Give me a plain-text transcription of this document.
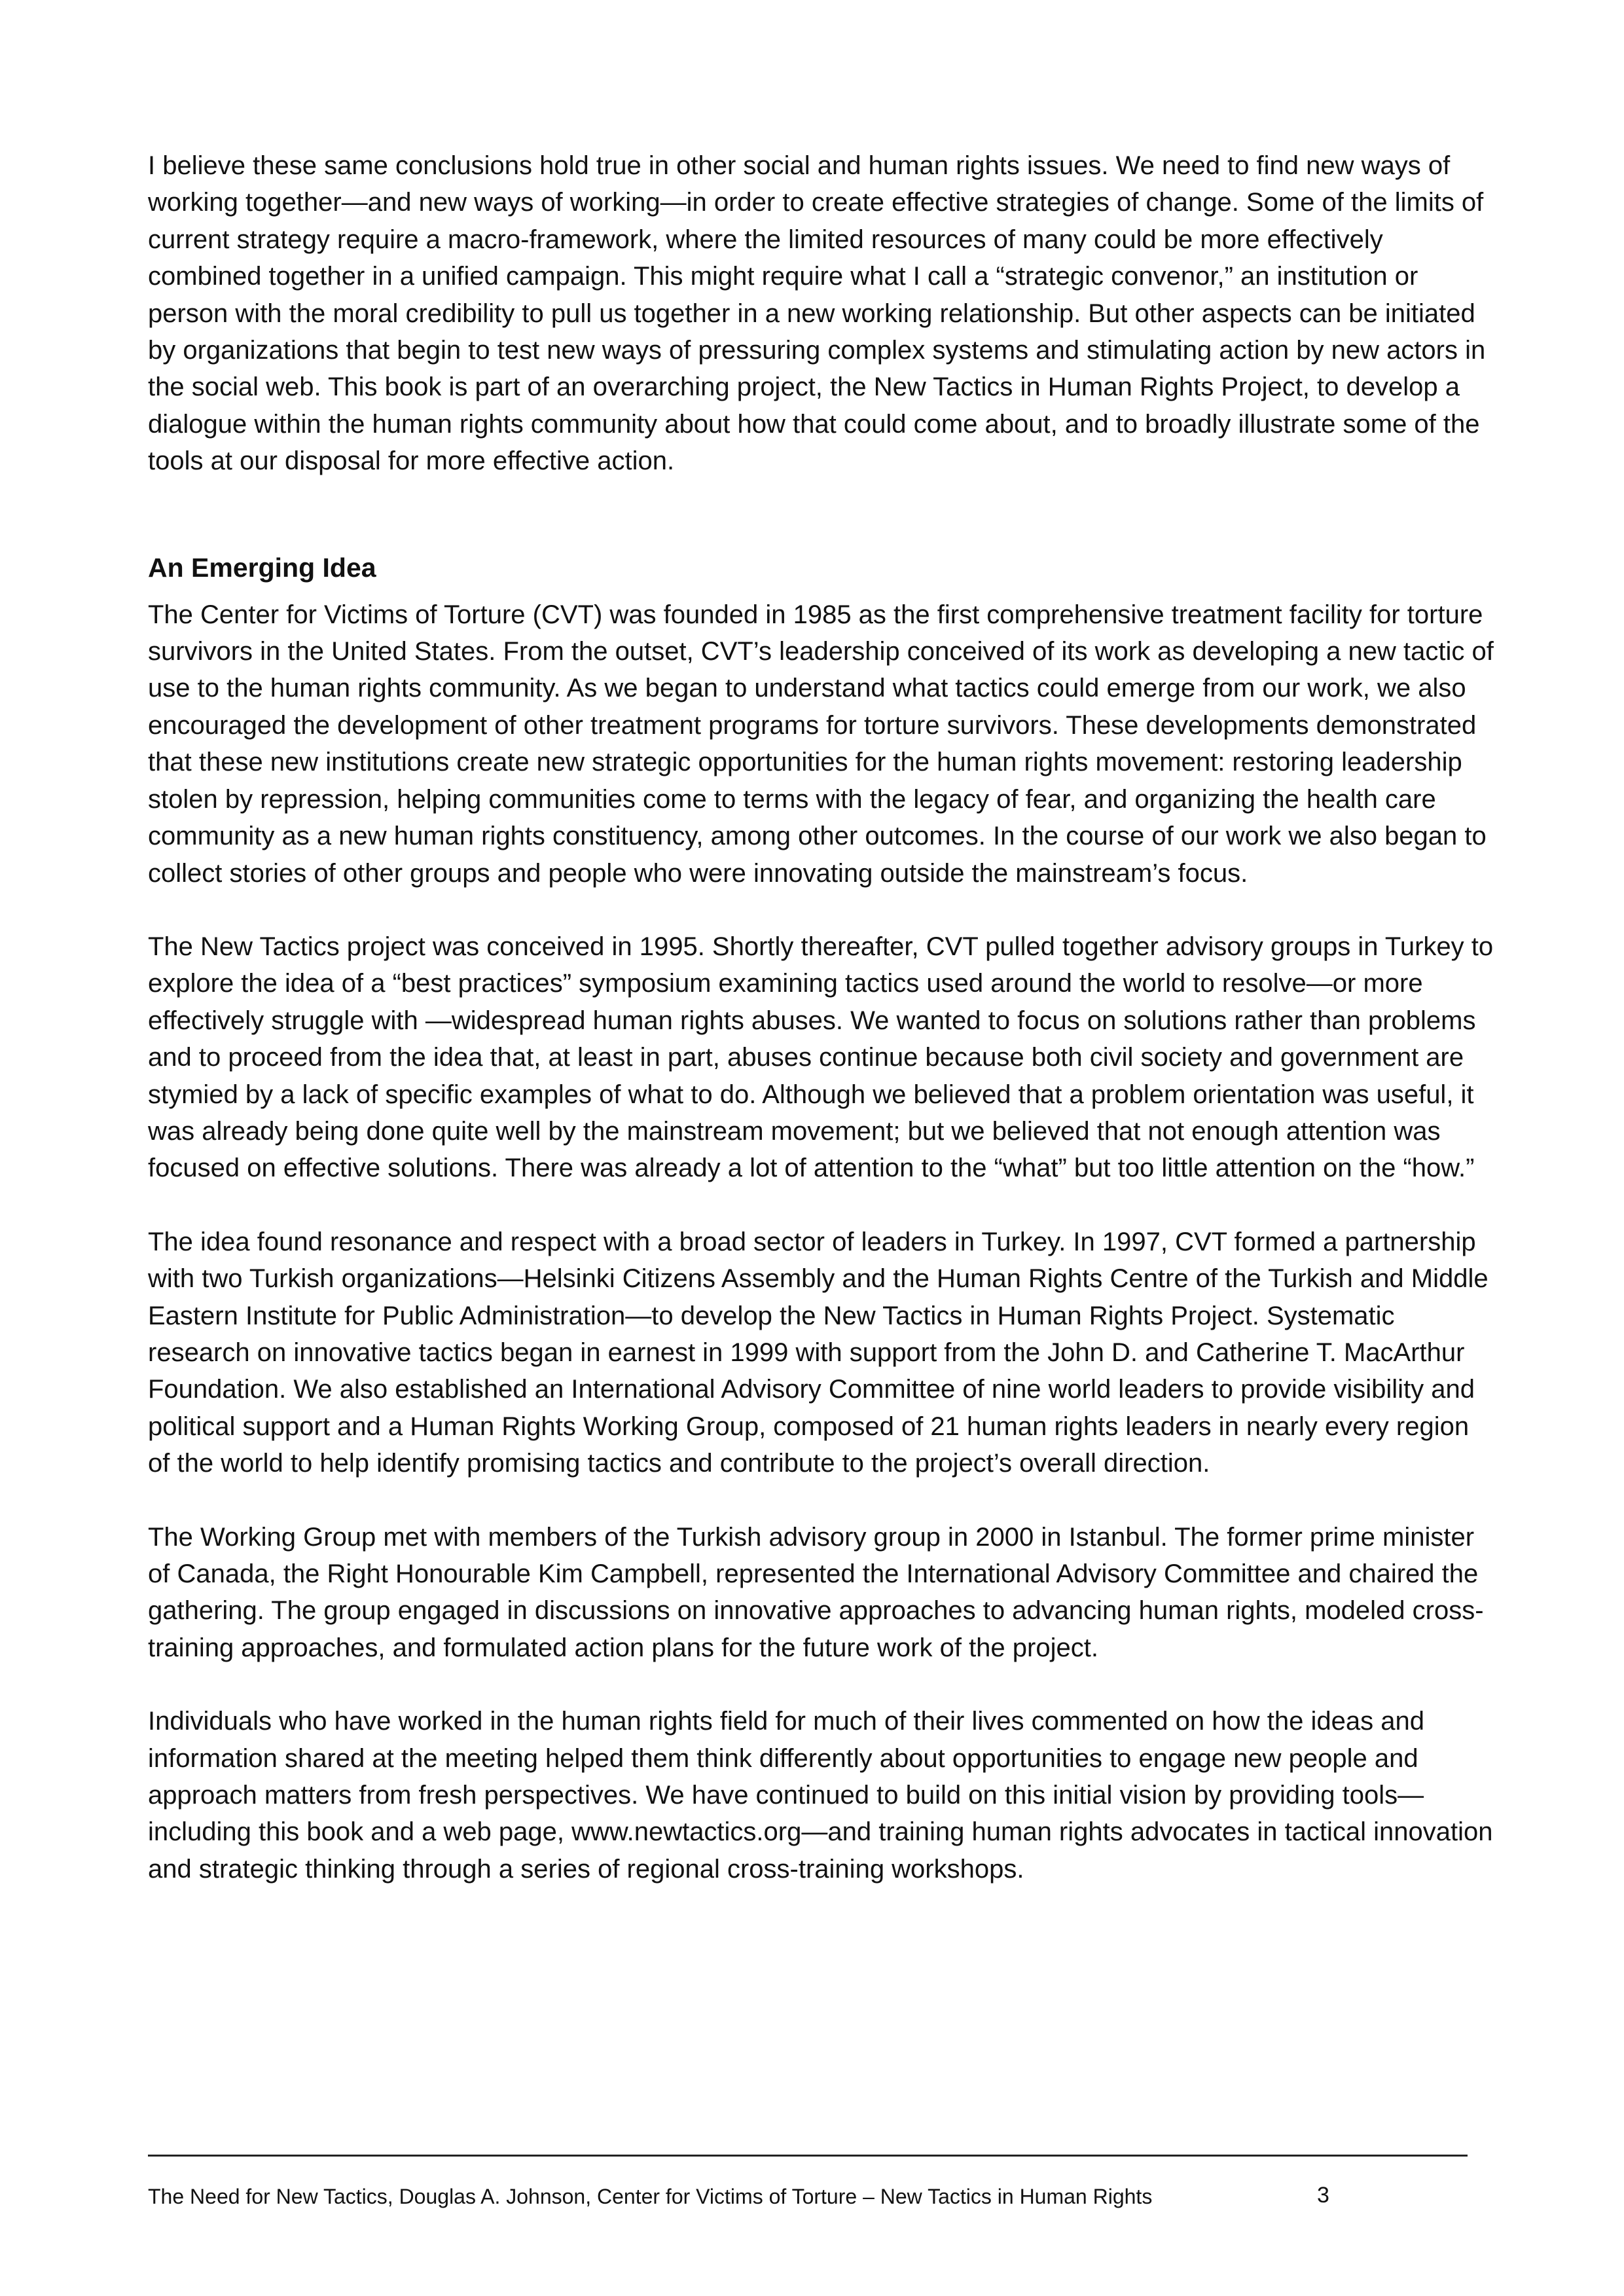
I believe these same conclusions hold true in other social and human rights issues. We need to find new ways of working together—and new ways of working—in order to create effective strategies of change. Some of the limits of current strategy require a macro-framework, where the limited resources of many could be more effectively combined together in a unified campaign. This might require what I call a “strategic convenor,” an institution or person with the moral credibility to pull us together in a new working relationship. But other aspects can be initiated by organizations that begin to test new ways of pressuring complex systems and stimulating action by new actors in the social web. This book is part of an overarching project, the New Tactics in Human Rights Project, to develop a dialogue within the human rights community about how that could come about, and to broadly illustrate some of the tools at our disposal for more effective action.

An Emerging Idea

The Center for Victims of Torture (CVT) was founded in 1985 as the first comprehensive treatment facility for torture survivors in the United States. From the outset, CVT’s leadership conceived of its work as developing a new tactic of use to the human rights community. As we began to understand what tactics could emerge from our work, we also encouraged the development of other treatment programs for torture survivors. These developments demonstrated that these new institutions create new strategic opportunities for the human rights movement: restoring leadership stolen by repression, helping communities come to terms with the legacy of fear, and organizing the health care community as a new human rights constituency, among other outcomes. In the course of our work we also began to collect stories of other groups and people who were innovating outside the mainstream’s focus.

The New Tactics project was conceived in 1995. Shortly thereafter, CVT pulled together advisory groups in Turkey to explore the idea of a “best practices” symposium examining tactics used around the world to resolve—or more effectively struggle with —widespread human rights abuses. We wanted to focus on solutions rather than problems and to proceed from the idea that, at least in part, abuses continue because both civil society and government are stymied by a lack of specific examples of what to do. Although we believed that a problem orientation was useful, it was already being done quite well by the mainstream movement; but we believed that not enough attention was focused on effective solutions. There was already a lot of attention to the “what” but too little attention on the “how.”

The idea found resonance and respect with a broad sector of leaders in Turkey. In 1997, CVT formed a partnership with two Turkish organizations—Helsinki Citizens Assembly and the Human Rights Centre of the Turkish and Middle Eastern Institute for Public Administration—to develop the New Tactics in Human Rights Project. Systematic research on innovative tactics began in earnest in 1999 with support from the John D. and Catherine T. MacArthur Foundation. We also established an International Advisory Committee of nine world leaders to provide visibility and political support and a Human Rights Working Group, composed of 21 human rights leaders in nearly every region of the world to help identify promising tactics and contribute to the project’s overall direction.

The Working Group met with members of the Turkish advisory group in 2000 in Istanbul. The former prime minister of Canada, the Right Honourable Kim Campbell, represented the International Advisory Committee and chaired the gathering. The group engaged in discussions on innovative approaches to advancing human rights, modeled cross-training approaches, and formulated action plans for the future work of the project.

Individuals who have worked in the human rights field for much of their lives commented on how the ideas and information shared at the meeting helped them think differently about opportunities to engage new people and approach matters from fresh perspectives. We have continued to build on this initial vision by providing tools—including this book and a web page, www.newtactics.org—and training human rights advocates in tactical innovation and strategic thinking through a series of regional cross-training workshops.

The Need for New Tactics, Douglas A. Johnson, Center for Victims of Torture – New Tactics in Human Rights	3
